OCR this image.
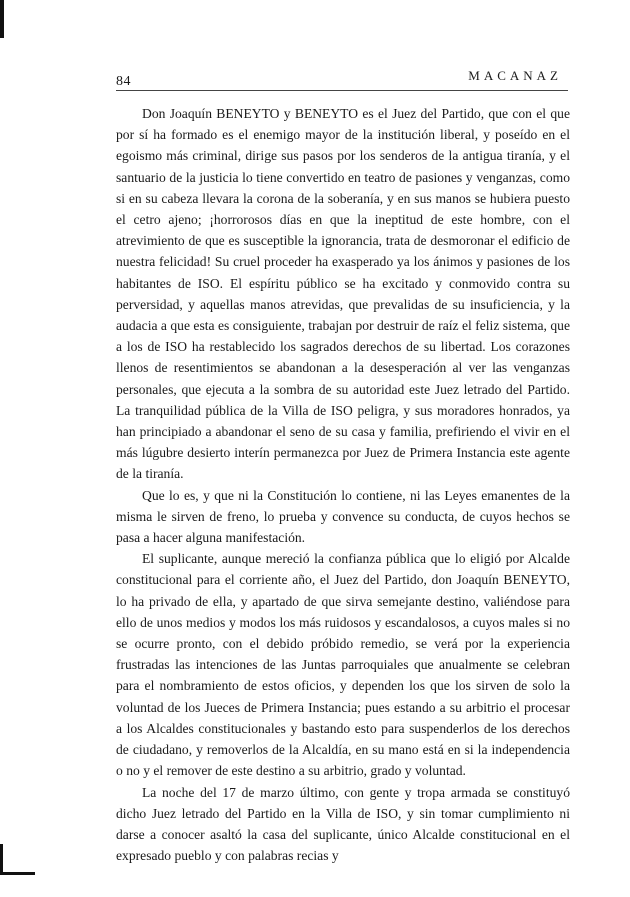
84	MACANAZ

Don Joaquín BENEYTO y BENEYTO es el Juez del Partido, que con el que por sí ha formado es el enemigo mayor de la institución liberal, y poseído en el egoismo más criminal, dirige sus pasos por los senderos de la antigua tiranía, y el santuario de la justicia lo tiene convertido en teatro de pasiones y venganzas, como si en su cabeza llevara la corona de la soberanía, y en sus manos se hubiera puesto el cetro ajeno; ¡horrorosos días en que la ineptitud de este hombre, con el atrevimiento de que es susceptible la ignorancia, trata de desmoronar el edificio de nuestra felicidad! Su cruel proceder ha exasperado ya los ánimos y pasiones de los habitantes de ISO. El espíritu público se ha excitado y conmovido contra su perversidad, y aquellas manos atrevidas, que prevalidas de su insuficiencia, y la audacia a que esta es consiguiente, trabajan por destruir de raíz el feliz sistema, que a los de ISO ha restablecido los sagrados derechos de su libertad. Los corazones llenos de resentimientos se abandonan a la desesperación al ver las venganzas personales, que ejecuta a la sombra de su autoridad este Juez letrado del Partido. La tranquilidad pública de la Villa de ISO peligra, y sus moradores honrados, ya han principiado a abandonar el seno de su casa y familia, prefiriendo el vivir en el más lúgubre desierto interín permanezca por Juez de Primera Instancia este agente de la tiranía.

Que lo es, y que ni la Constitución lo contiene, ni las Leyes emanentes de la misma le sirven de freno, lo prueba y convence su conducta, de cuyos hechos se pasa a hacer alguna manifestación.

El suplicante, aunque mereció la confianza pública que lo eligió por Alcalde constitucional para el corriente año, el Juez del Partido, don Joaquín BENEYTO, lo ha privado de ella, y apartado de que sirva semejante destino, valiéndose para ello de unos medios y modos los más ruidosos y escandalosos, a cuyos males si no se ocurre pronto, con el debido próbido remedio, se verá por la experiencia frustradas las intenciones de las Juntas parroquiales que anualmente se celebran para el nombramiento de estos oficios, y dependen los que los sirven de solo la voluntad de los Jueces de Primera Instancia; pues estando a su arbitrio el procesar a los Alcaldes constitucionales y bastando esto para suspenderlos de los derechos de ciudadano, y removerlos de la Alcaldía, en su mano está en si la independencia o no y el remover de este destino a su arbitrio, grado y voluntad.

La noche del 17 de marzo último, con gente y tropa armada se constituyó dicho Juez letrado del Partido en la Villa de ISO, y sin tomar cumplimiento ni darse a conocer asaltó la casa del suplicante, único Alcalde constitucional en el expresado pueblo y con palabras recias y
